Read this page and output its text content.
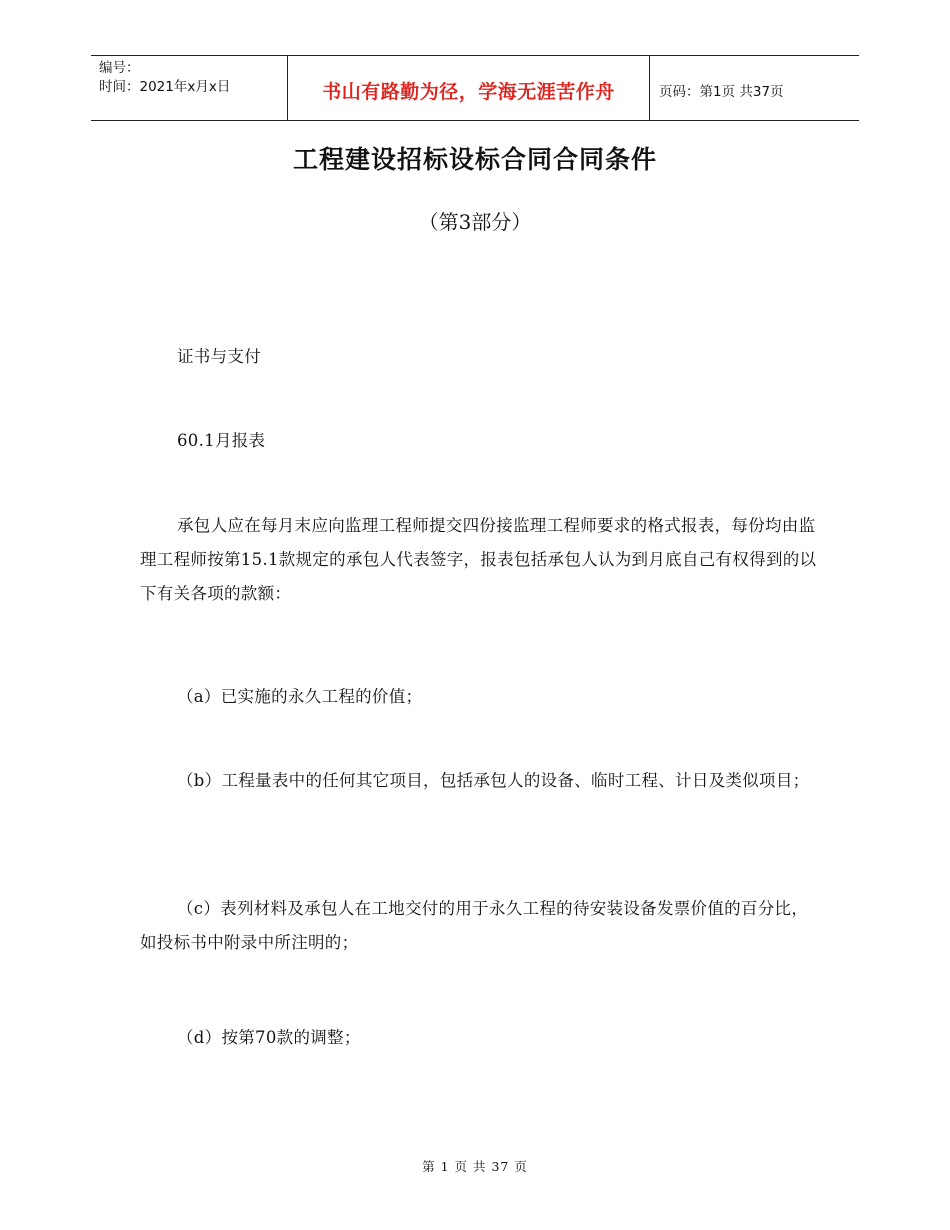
编号：
时间：2021年x月x日	书山有路勤为径，学海无涯苦作舟	页码：第1页 共37页
工程建设招标设标合同合同条件
（第3部分）
证书与支付
60.1月报表
承包人应在每月末应向监理工程师提交四份接监理工程师要求的格式报表，每份均由监理工程师按第15.1款规定的承包人代表签字，报表包括承包人认为到月底自己有权得到的以下有关各项的款额：
（a）已实施的永久工程的价值；
（b）工程量表中的任何其它项目，包括承包人的设备、临时工程、计日及类似项目；
（c）表列材料及承包人在工地交付的用于永久工程的待安装设备发票价值的百分比，如投标书中附录中所注明的；
（d）按第70款的调整；
第 1 页 共 37 页
